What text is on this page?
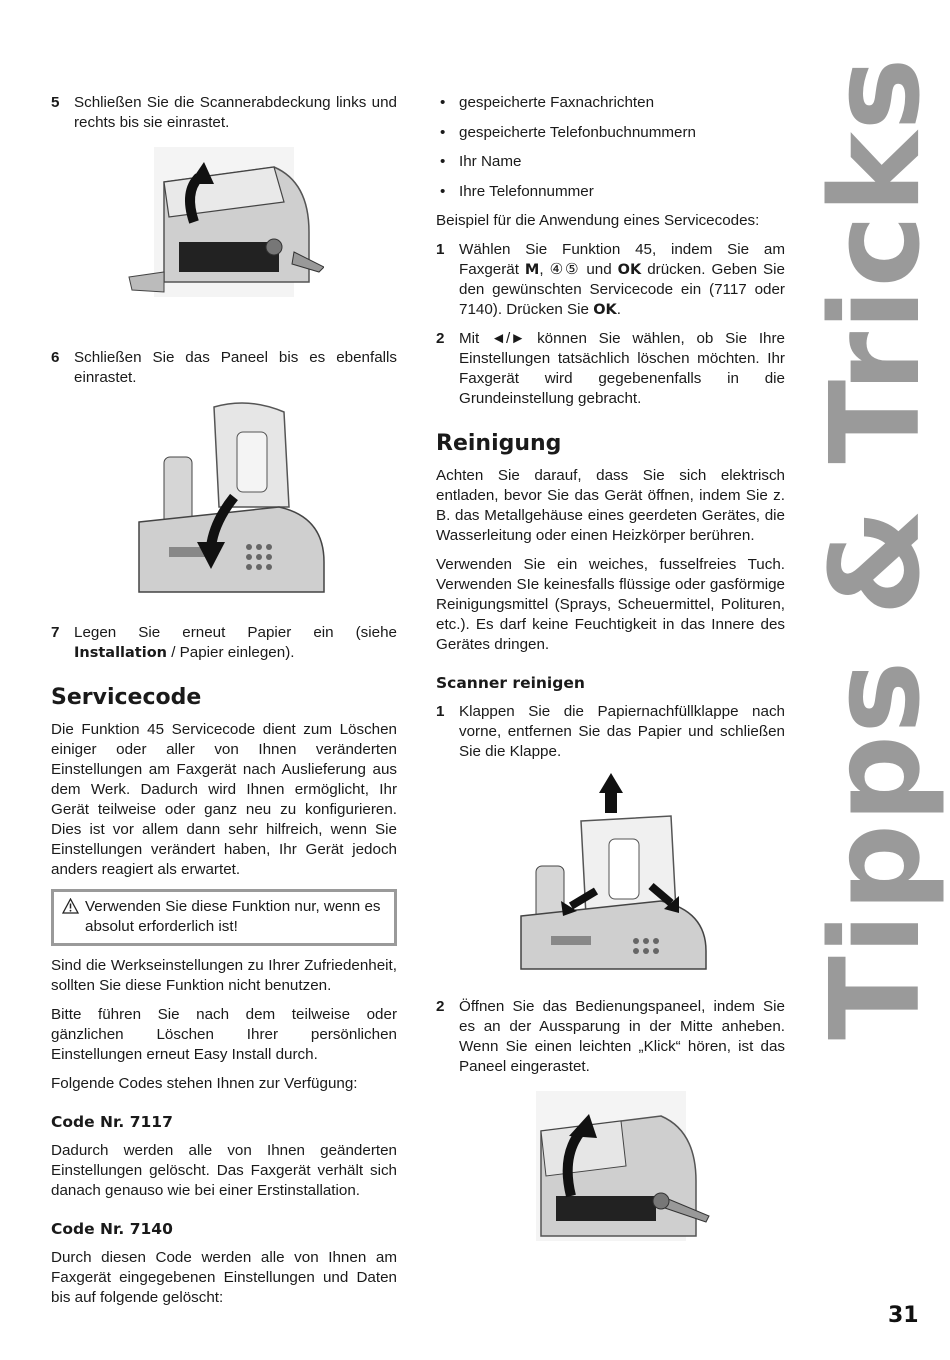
5 Schließen Sie die Scannerabdeckung links und rechts bis sie einrastet.
6 Schließen Sie das Paneel bis es ebenfalls einrastet.
7 Legen Sie erneut Papier ein (siehe Installation / Papier einlegen).
Servicecode

Die Funktion 45 Servicecode dient zum Löschen einiger oder aller von Ihnen veränderten Einstellungen am Faxgerät nach Auslieferung aus dem Werk. Dadurch wird Ihnen ermöglicht, Ihr Gerät teilweise oder ganz neu zu konfigurieren. Dies ist vor allem dann sehr hilfreich, wenn Sie Einstellungen verändert haben, Ihr Gerät jedoch anders reagiert als erwartet.

Verwenden Sie diese Funktion nur, wenn es absolut erforderlich ist!

Sind die Werkseinstellungen zu Ihrer Zufriedenheit, sollten Sie diese Funktion nicht benutzen.

Bitte führen Sie nach dem teilweise oder gänzlichen Löschen Ihrer persönlichen Einstellungen erneut Easy Install durch.

Folgende Codes stehen Ihnen zur Verfügung:

Code Nr. 7117

Dadurch werden alle von Ihnen geänderten Einstellungen gelöscht. Das Faxgerät verhält sich danach genauso wie bei einer Erstinstallation.

Code Nr. 7140

Durch diesen Code werden alle von Ihnen am Faxgerät eingegebenen Einstellungen und Daten bis auf folgende gelöscht:

• gespeicherte Faxnachrichten
• gespeicherte Telefonbuchnummern
• Ihr Name
• Ihre Telefonnummer

Beispiel für die Anwendung eines Servicecodes:

1 Wählen Sie Funktion 45, indem Sie am Faxgerät M, ④⑤ und OK drücken. Geben Sie den gewünschten Servicecode ein (7117 oder 7140). Drücken Sie OK.
2 Mit ◄/► können Sie wählen, ob Sie Ihre Einstellungen tatsächlich löschen möchten. Ihr Faxgerät wird gegebenenfalls in die Grundeinstellung gebracht.
Reinigung

Achten Sie darauf, dass Sie sich elektrisch entladen, bevor Sie das Gerät öffnen, indem Sie z. B. das Metallgehäuse eines geerdeten Gerätes, die Wasserleitung oder einen Heizkörper berühren.

Verwenden Sie ein weiches, fusselfreies Tuch. Verwenden SIe keinesfalls flüssige oder gasförmige Reinigungsmittel (Sprays, Scheuermittel, Polituren, etc.). Es darf keine Feuchtigkeit in das Innere des Gerätes dringen.

Scanner reinigen
1 Klappen Sie die Papiernachfüllklappe nach vorne, entfernen Sie das Papier und schließen Sie die Klappe.
2 Öffnen Sie das Bedienungspaneel, indem Sie es an der Aussparung in der Mitte anheben. Wenn Sie einen leichten „Klick“ hören, ist das Paneel eingerastet.
Tipps & Tricks
31
